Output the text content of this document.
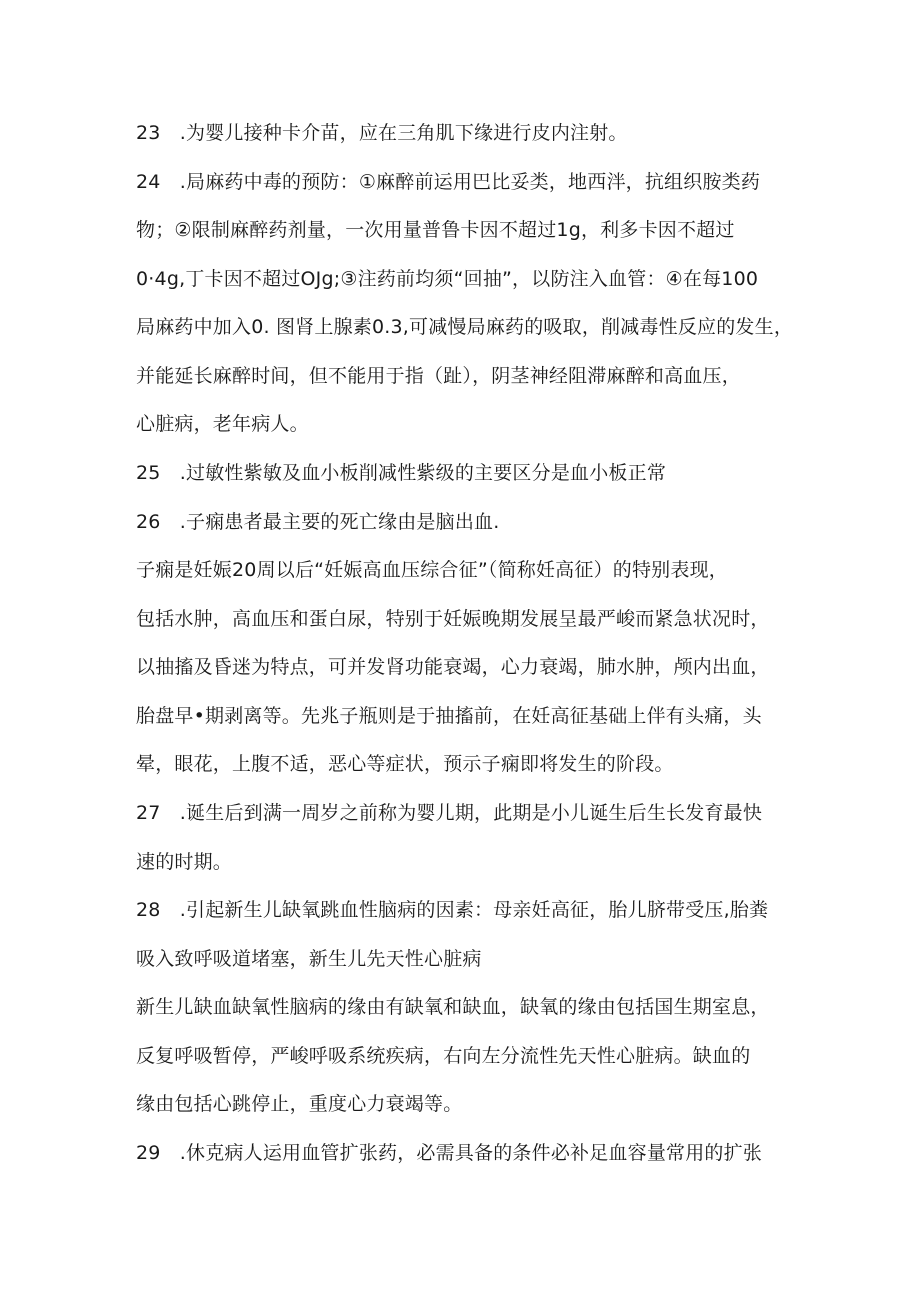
23　.为婴儿接种卡介苗，应在三角肌下缘进行皮内注射。
24　.局麻药中毒的预防：①麻醉前运用巴比妥类，地西泮，抗组织胺类药
物；②限制麻醉药剂量，一次用量普鲁卡因不超过1g，利多卡因不超过
0·4g,丁卡因不超过OJg;③注药前均须“回抽”，以防注入血管：④在每100
局麻药中加入0. 图肾上腺素0.3,可减慢局麻药的吸取，削减毒性反应的发生，
并能延长麻醉时间，但不能用于指（趾），阴茎神经阻滞麻醉和高血压，
心脏病，老年病人。
25　.过敏性紫敏及血小板削减性紫级的主要区分是血小板正常
26　.子痫患者最主要的死亡缘由是脑出血.
子痫是妊娠20周以后“妊娠高血压综合征”（简称妊高征）的特别表现，
包括水肿，高血压和蛋白尿，特别于妊娠晚期发展呈最严峻而紧急状况时，
以抽搐及昏迷为特点，可并发肾功能衰竭，心力衰竭，肺水肿，颅内出血，
胎盘早•期剥离等。先兆子瓶则是于抽搐前，在妊高征基础上伴有头痛，头
晕，眼花，上腹不适，恶心等症状，预示子痫即将发生的阶段。
27　.诞生后到满一周岁之前称为婴儿期，此期是小儿诞生后生长发育最快
速的时期。
28　.引起新生儿缺氧跳血性脑病的因素：母亲妊高征，胎儿脐带受压,胎粪
吸入致呼吸道堵塞，新生儿先天性心脏病
新生儿缺血缺氧性脑病的缘由有缺氧和缺血，缺氧的缘由包括国生期室息，
反复呼吸暂停，严峻呼吸系统疾病，右向左分流性先天性心脏病。缺血的
缘由包括心跳停止，重度心力衰竭等。
29　.休克病人运用血管扩张药，必需具备的条件必补足血容量常用的扩张
